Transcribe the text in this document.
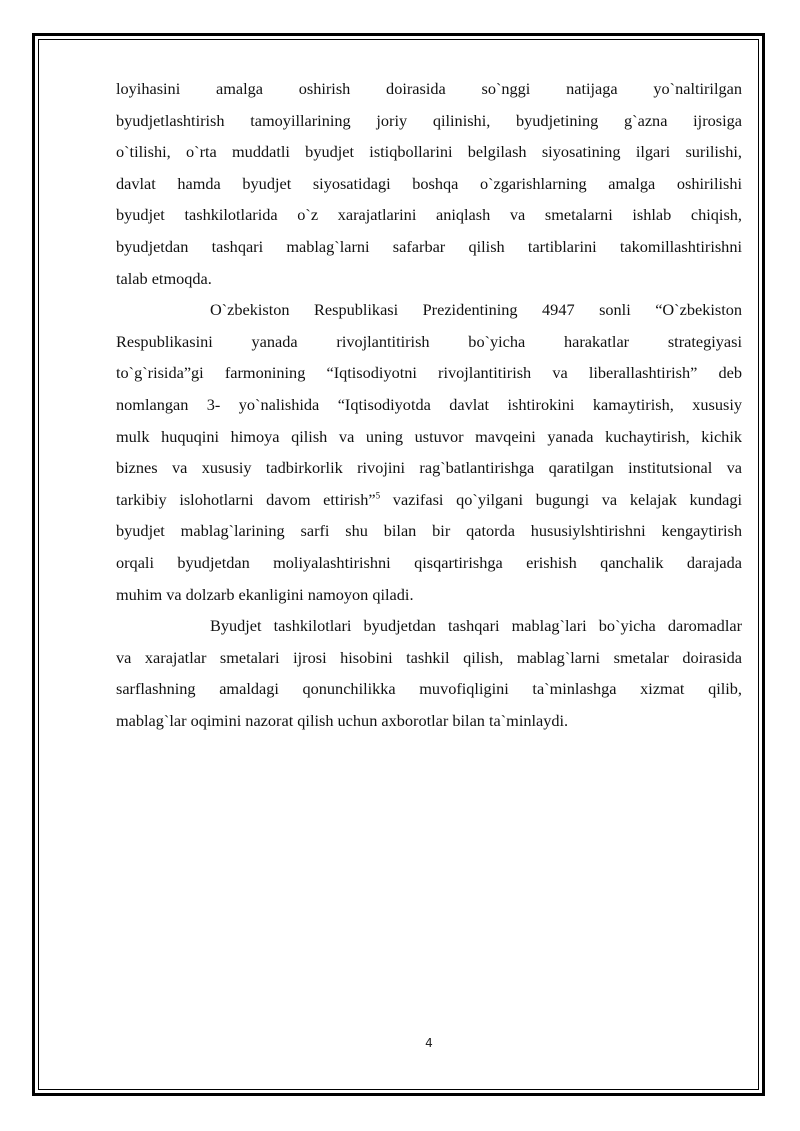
loyihasini amalga oshirish doirasida so`nggi natijaga yo`naltirilgan
byudjetlashtirish tamoyillarining joriy qilinishi, byudjetining g`azna ijrosiga
o`tilishi, o`rta muddatli byudjet istiqbollarini belgilash siyosatining ilgari surilishi,
davlat hamda byudjet siyosatidagi boshqa o`zgarishlarning amalga oshirilishi
byudjet tashkilotlarida o`z xarajatlarini aniqlash va smetalarni ishlab chiqish,
byudjetdan tashqari mablag`larni safarbar qilish tartiblarini takomillashtirishni
talab etmoqda.

O`zbekiston Respublikasi Prezidentining 4947 sonli “O`zbekiston
Respublikasini yanada rivojlantitirish bo`yicha harakatlar strategiyasi
to`g`risida”gi farmonining “Iqtisodiyotni rivojlantitirish va liberallashtirish” deb
nomlangan 3- yo`nalishida “Iqtisodiyotda davlat ishtirokini kamaytirish, xususiy
mulk huquqini himoya qilish va uning ustuvor mavqeini yanada kuchaytirish, kichik
biznes va xususiy tadbirkorlik rivojini rag`batlantirishga qaratilgan institutsional va
tarkibiy islohotlarni davom ettirish”$^5$ vazifasi qo`yilgani bugungi va kelajak kundagi
byudjet mablag`larining sarfi shu bilan bir qatorda hususiylshtirishni kengaytirish
orqali byudjetdan moliyalashtirishni qisqartirishga erishish qanchalik darajada
muhim va dolzarb ekanligini namoyon qiladi.

Byudjet tashkilotlari byudjetdan tashqari mablag`lari bo`yicha daromadlar
va xarajatlar smetalari ijrosi hisobini tashkil qilish, mablag`larni smetalar doirasida
sarflashning amaldagi qonunchilikka muvofiqligini ta`minlashga xizmat qilib,
mablag`lar oqimini nazorat qilish uchun axborotlar bilan ta`minlaydi.

4
